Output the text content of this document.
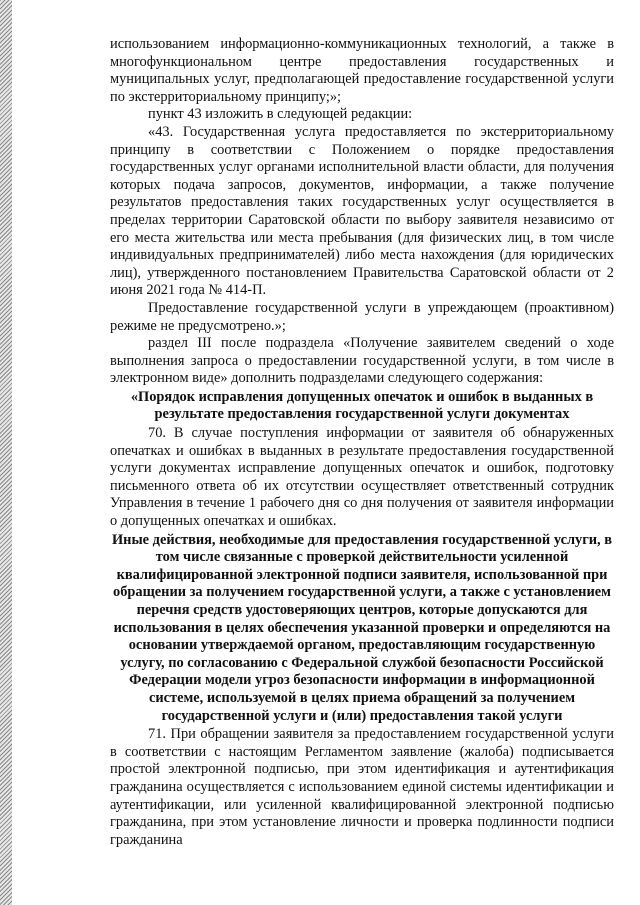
использованием информационно-коммуникационных технологий, а также в многофункциональном центре предоставления государственных и муниципальных услуг, предполагающей предоставление государственной услуги по экстерриториальному принципу;»;

пункт 43 изложить в следующей редакции:

«43. Государственная услуга предоставляется по экстерриториальному принципу в соответствии с Положением о порядке предоставления государственных услуг органами исполнительной власти области, для получения которых подача запросов, документов, информации, а также получение результатов предоставления таких государственных услуг осуществляется в пределах территории Саратовской области по выбору заявителя независимо от его места жительства или места пребывания (для физических лиц, в том числе индивидуальных предпринимателей) либо места нахождения (для юридических лиц), утвержденного постановлением Правительства Саратовской области от 2 июня 2021 года № 414-П.

Предоставление государственной услуги в упреждающем (проактивном) режиме не предусмотрено.»;

раздел III после подраздела «Получение заявителем сведений о ходе выполнения запроса о предоставлении государственной услуги, в том числе в электронном виде» дополнить подразделами следующего содержания:

«Порядок исправления допущенных опечаток и ошибок в выданных в результате предоставления государственной услуги документах

70. В случае поступления информации от заявителя об обнаруженных опечатках и ошибках в выданных в результате предоставления государственной услуги документах исправление допущенных опечаток и ошибок, подготовку письменного ответа об их отсутствии осуществляет ответственный сотрудник Управления в течение 1 рабочего дня со дня получения от заявителя информации о допущенных опечатках и ошибках.

Иные действия, необходимые для предоставления государственной услуги, в том числе связанные с проверкой действительности усиленной квалифицированной электронной подписи заявителя, использованной при обращении за получением государственной услуги, а также с установлением перечня средств удостоверяющих центров, которые допускаются для использования в целях обеспечения указанной проверки и определяются на основании утверждаемой органом, предоставляющим государственную услугу, по согласованию с Федеральной службой безопасности Российской Федерации модели угроз безопасности информации в информационной системе, используемой в целях приема обращений за получением государственной услуги и (или) предоставления такой услуги

71. При обращении заявителя за предоставлением государственной услуги в соответствии с настоящим Регламентом заявление (жалоба) подписывается простой электронной подписью, при этом идентификация и аутентификация гражданина осуществляется с использованием единой системы идентификации и аутентификации, или усиленной квалифицированной электронной подписью гражданина, при этом установление личности и проверка подлинности подписи гражданина
